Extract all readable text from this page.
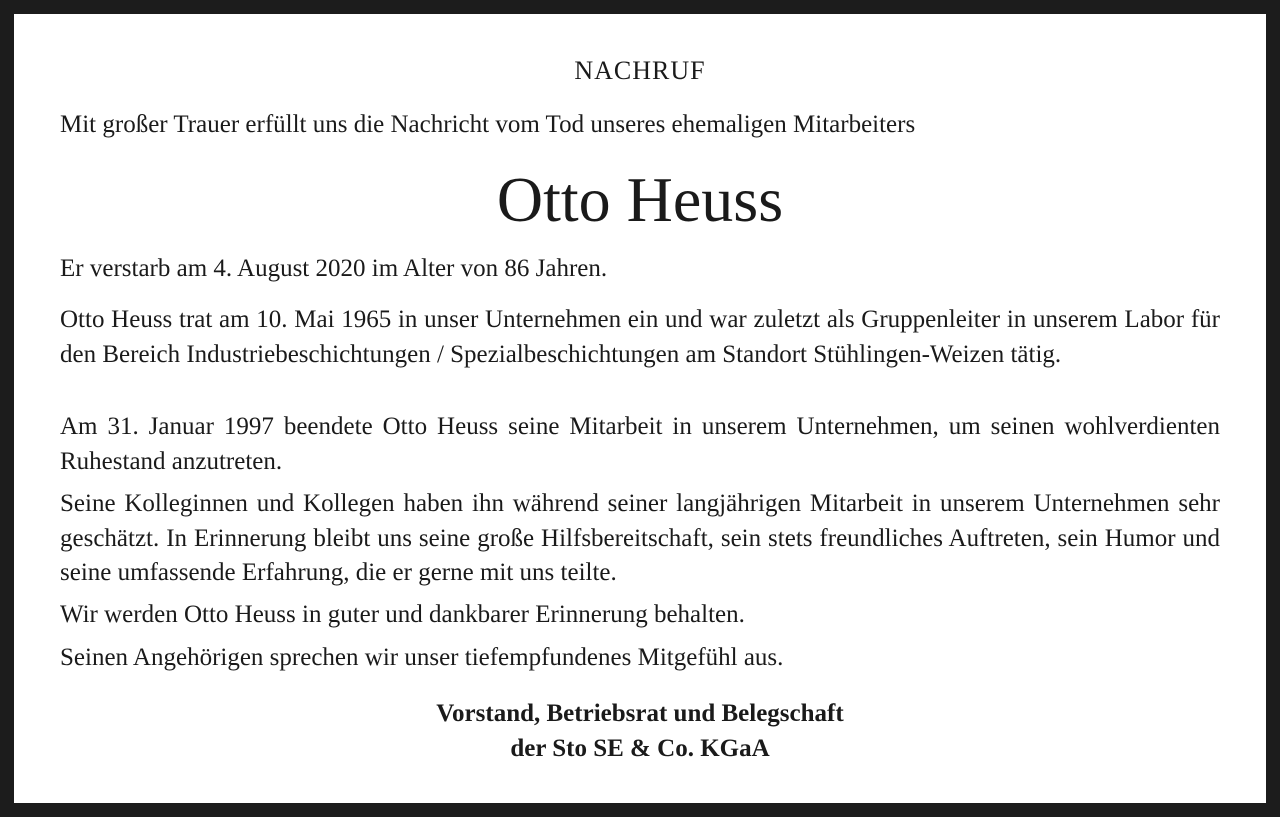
NACHRUF
Mit großer Trauer erfüllt uns die Nachricht vom Tod unseres ehemaligen Mitarbeiters
Otto Heuss
Er verstarb am 4. August 2020 im Alter von 86 Jahren.
Otto Heuss trat am 10. Mai 1965 in unser Unternehmen ein und war zuletzt als Gruppenleiter in unserem Labor für den Bereich Industriebeschichtungen / Spezialbeschichtungen am Standort Stühlingen-Weizen tätig.
Am 31. Januar 1997 beendete Otto Heuss seine Mitarbeit in unserem Unternehmen, um seinen wohlverdienten Ruhestand anzutreten.
Seine Kolleginnen und Kollegen haben ihn während seiner langjährigen Mitarbeit in unserem Unternehmen sehr geschätzt. In Erinnerung bleibt uns seine große Hilfsbereitschaft, sein stets freundliches Auftreten, sein Humor und seine umfassende Erfahrung, die er gerne mit uns teilte.
Wir werden Otto Heuss in guter und dankbarer Erinnerung behalten.
Seinen Angehörigen sprechen wir unser tiefempfundenes Mitgefühl aus.
Vorstand, Betriebsrat und Belegschaft
der Sto SE & Co. KGaA
